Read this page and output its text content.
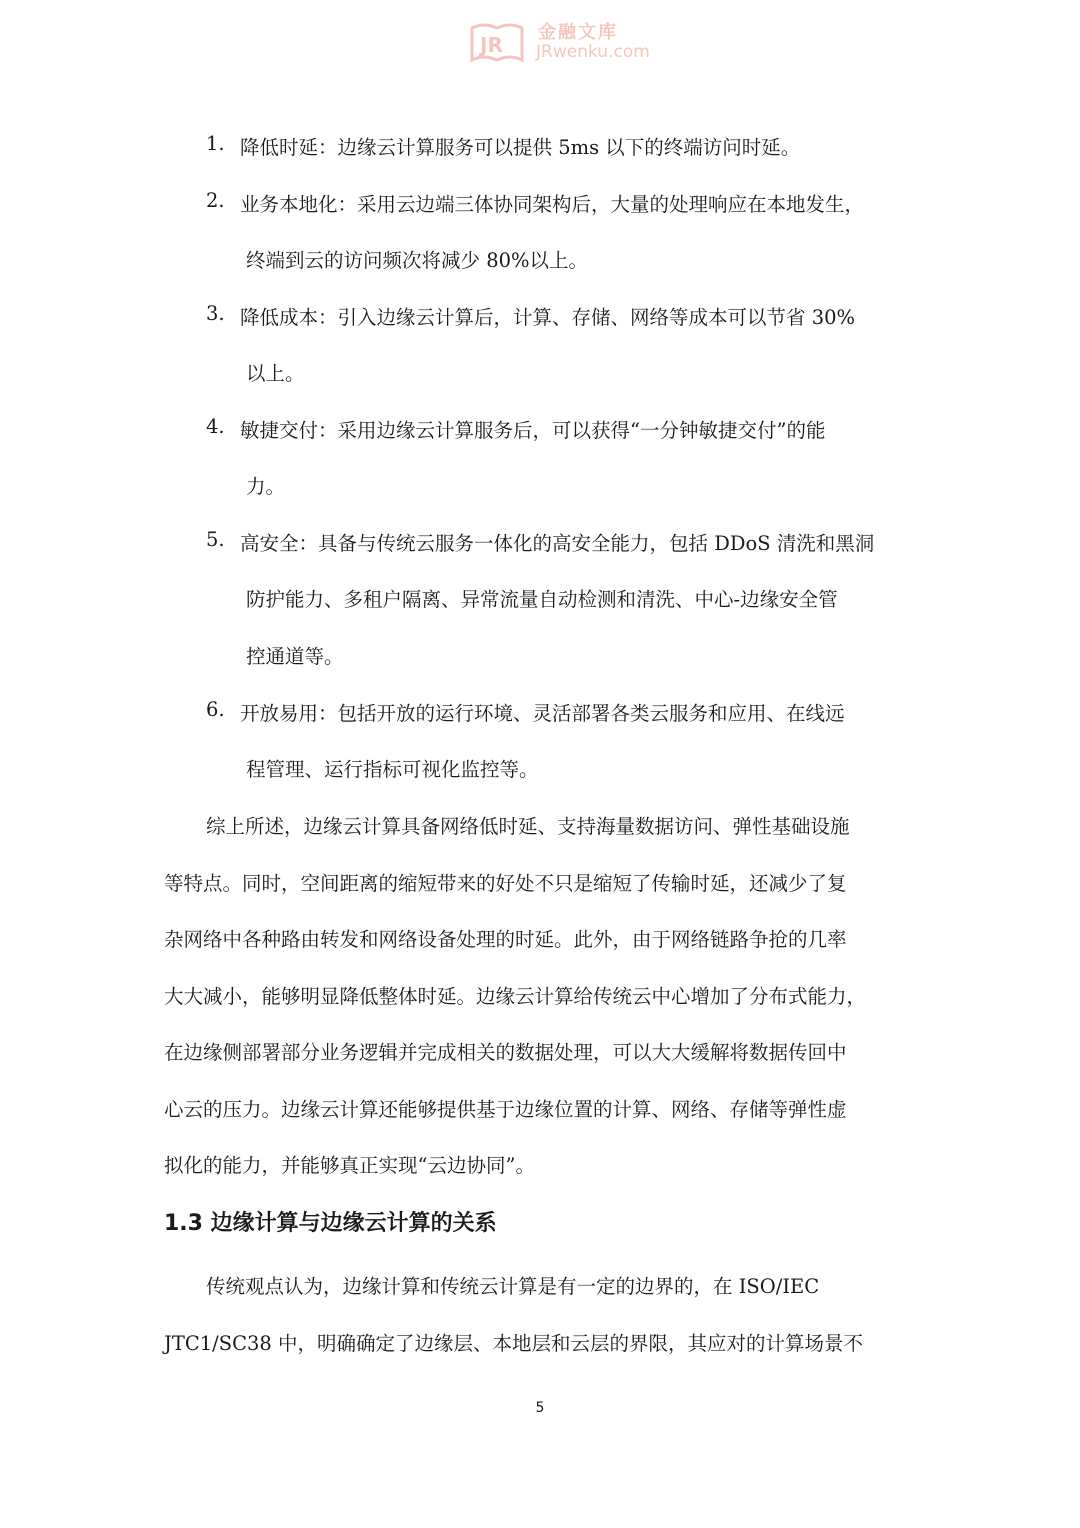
JR
金融文库
JRwenku.com
1. 降低时延：边缘云计算服务可以提供 5ms 以下的终端访问时延。
2. 业务本地化：采用云边端三体协同架构后，大量的处理响应在本地发生，
终端到云的访问频次将减少 80%以上。
3. 降低成本：引入边缘云计算后，计算、存储、网络等成本可以节省 30%
以上。
4. 敏捷交付：采用边缘云计算服务后，可以获得“一分钟敏捷交付”的能
力。
5. 高安全：具备与传统云服务一体化的高安全能力，包括 DDoS 清洗和黑洞
防护能力、多租户隔离、异常流量自动检测和清洗、中心-边缘安全管
控通道等。
6. 开放易用：包括开放的运行环境、灵活部署各类云服务和应用、在线远
程管理、运行指标可视化监控等。
综上所述，边缘云计算具备网络低时延、支持海量数据访问、弹性基础设施
等特点。同时，空间距离的缩短带来的好处不只是缩短了传输时延，还减少了复
杂网络中各种路由转发和网络设备处理的时延。此外，由于网络链路争抢的几率
大大减小，能够明显降低整体时延。边缘云计算给传统云中心增加了分布式能力，
在边缘侧部署部分业务逻辑并完成相关的数据处理，可以大大缓解将数据传回中
心云的压力。边缘云计算还能够提供基于边缘位置的计算、网络、存储等弹性虚
拟化的能力，并能够真正实现“云边协同”。
1.3 边缘计算与边缘云计算的关系
传统观点认为，边缘计算和传统云计算是有一定的边界的，在 ISO/IEC
JTC1/SC38 中，明确确定了边缘层、本地层和云层的界限，其应对的计算场景不
5
